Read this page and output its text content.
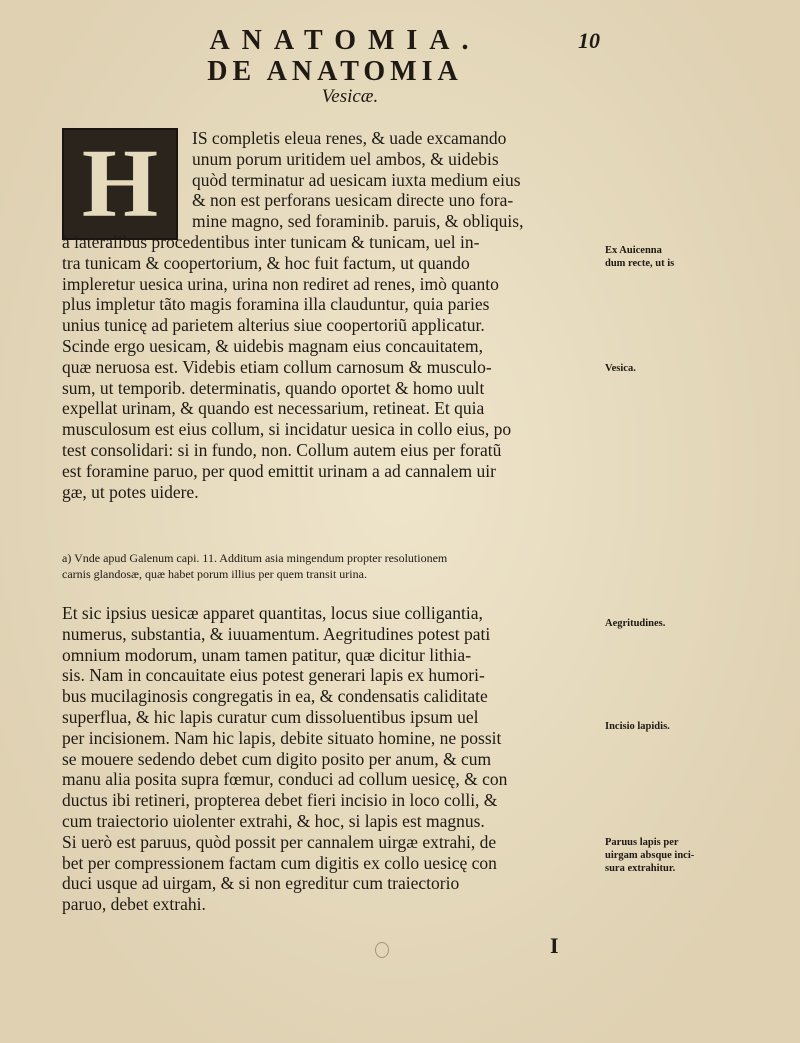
ANATOMIA.	10
DE ANATOMIA
Vesicæ.
H	IS completis eleua renes, & uade excamando
unum porum uritidem uel ambos, & uidebis
quòd terminatur ad uesicam iuxta medium eius
& non est perforans uesicam directe uno fora-
mine magno, sed foraminib. paruis, & obliquis,
à lateralibus procedentibus inter tunicam & tunicam, uel in-
tra tunicam & coopertorium, & hoc fuit factum, ut quando
impleretur uesica urina, urina non rediret ad renes, imò quanto
plus impletur tãto magis foramina illa clauduntur, quia paries
unius tunicę ad parietem alterius siue coopertoriũ applicatur.
Scinde ergo uesicam, & uidebis magnam eius concauitatem,
quæ neruosa est. Videbis etiam collum carnosum & musculo-
sum, ut temporib. determinatis, quando oportet & homo uult
expellat urinam, & quando est necessarium, retineat. Et quia
musculosum est eius collum, si incidatur uesica in collo eius, po
test consolidari: si in fundo, non. Collum autem eius per foratũ
est foramine paruo, per quod emittit urinam a ad cannalem uir
gæ, ut potes uidere.
a) Vnde apud Galenum capi. 11. Additum asia mingendum propter resolutionem
carnis glandosæ, quæ habet porum illius per quem transit urina.
Et sic ipsius uesicæ apparet quantitas, locus siue colligantia,
numerus, substantia, & iuuamentum. Aegritudines potest pati
omnium modorum, unam tamen patitur, quæ dicitur lithia-
sis. Nam in concauitate eius potest generari lapis ex humori-
bus mucilaginosis congregatis in ea, & condensatis caliditate
superflua, & hic lapis curatur cum dissoluentibus ipsum uel
per incisionem. Nam hic lapis, debite situato homine, ne possit
se mouere sedendo debet cum digito posito per anum, & cum
manu alia posita supra fœmur, conduci ad collum uesicę, & con
ductus ibi retineri, propterea debet fieri incisio in loco colli, &
cum traiectorio uiolenter extrahi, & hoc, si lapis est magnus.
Si uerò est paruus, quòd possit per cannalem uirgæ extrahi, de
bet per compressionem factam cum digitis ex collo uesicę con
duci usque ad uirgam, & si non egreditur cum traiectorio
paruo, debet extrahi.
Ex Auicenna
dum recte, ut is
Vesica.
Aegritudines.
Incisio lapidis.
Paruus lapis per
uirgam absque inci-
sura extrahitur.
I
